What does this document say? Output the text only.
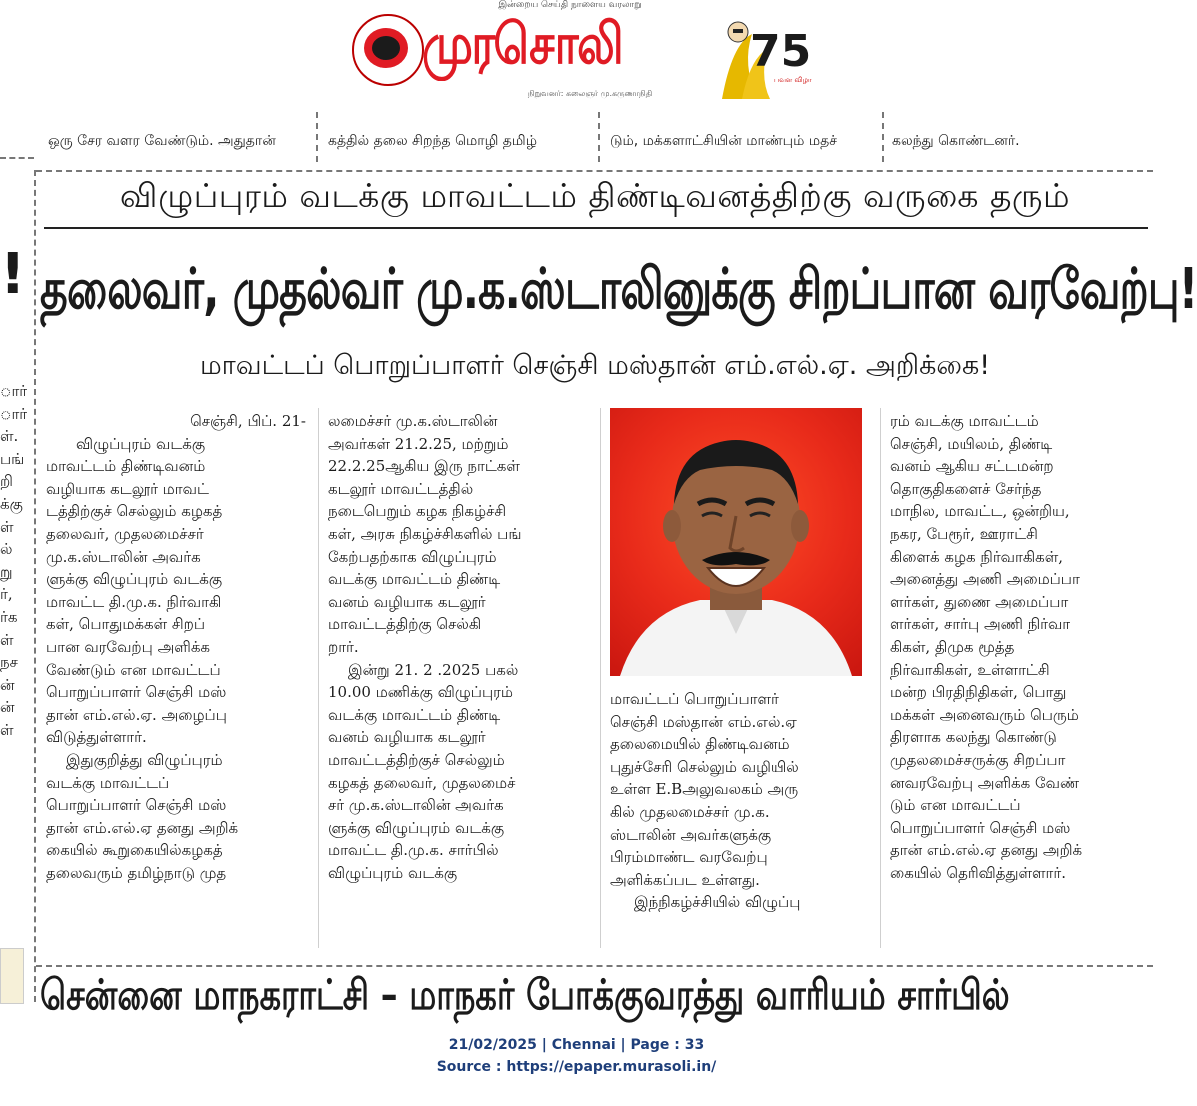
இன்றைய செய்தி நாளைய வரலாறு
முரசொலி
நிறுவனர்: கலைஞர் மு.கருணாநிதி
75
பவள விழா
ஒரு சேர வளர வேண்டும். அதுதான்	கத்தில் தலை சிறந்த மொழி தமிழ்	டும், மக்களாட்சியின் மாண்பும் மதச்	கலந்து கொண்டனர்.
!
ார்
ார்
ள்.
பங்
றி
க்கு
ள்
ல்
று
ர்,
ர்க
ள்
நச
ன்
ன்
ள்
விழுப்புரம் வடக்கு மாவட்டம் திண்டிவனத்திற்கு வருகை தரும்
தலைவர், முதல்வர் மு.க.ஸ்டாலினுக்கு சிறப்பான வரவேற்பு!
மாவட்டப் பொறுப்பாளர் செஞ்சி மஸ்தான் எம்.எல்.ஏ. அறிக்கை!
செஞ்சி, பிப். 21-
விழுப்புரம் வடக்கு
மாவட்டம் திண்டிவனம்
வழியாக கடலூர் மாவட்
டத்திற்குச் செல்லும் கழகத்
தலைவர், முதலமைச்சர்
மு.க.ஸ்டாலின் அவர்க
ளுக்கு விழுப்புரம் வடக்கு
மாவட்ட தி.மு.க. நிர்வாகி
கள், பொதுமக்கள் சிறப்
பான வரவேற்பு அளிக்க
வேண்டும் என மாவட்டப்
பொறுப்பாளர் செஞ்சி மஸ்
தான் எம்.எல்.ஏ. அழைப்பு
விடுத்துள்ளார்.
இதுகுறித்து விழுப்புரம்
வடக்கு மாவட்டப்
பொறுப்பாளர் செஞ்சி மஸ்
தான் எம்.எல்.ஏ தனது அறிக்
கையில் கூறுகையில்கழகத்
தலைவரும் தமிழ்நாடு முத
லமைச்சர் மு.க.ஸ்டாலின்
அவர்கள் 21.2.25, மற்றும்
22.2.25ஆகிய இரு நாட்கள்
கடலூர் மாவட்டத்தில்
நடைபெறும் கழக நிகழ்ச்சி
கள், அரசு நிகழ்ச்சிகளில் பங்
கேற்பதற்காக விழுப்புரம்
வடக்கு மாவட்டம் திண்டி
வனம் வழியாக கடலூர்
மாவட்டத்திற்கு செல்கி
றார்.
இன்று 21. 2 .2025 பகல்
10.00 மணிக்கு விழுப்புரம்
வடக்கு மாவட்டம் திண்டி
வனம் வழியாக கடலூர்
மாவட்டத்திற்குச் செல்லும்
கழகத் தலைவர், முதலமைச்
சர் மு.க.ஸ்டாலின் அவர்க
ளுக்கு விழுப்புரம் வடக்கு
மாவட்ட தி.மு.க. சார்பில்
விழுப்புரம் வடக்கு
மாவட்டப் பொறுப்பாளர்
செஞ்சி மஸ்தான் எம்.எல்.ஏ
தலைமையில் திண்டிவனம்
புதுச்சேரி செல்லும் வழியில்
உள்ள E.Bஅலுவலகம் அரு
கில் முதலமைச்சர் மு.க.
ஸ்டாலின் அவர்களுக்கு
பிரம்மாண்ட வரவேற்பு
அளிக்கப்பட உள்ளது.
இந்நிகழ்ச்சியில் விழுப்பு
ரம் வடக்கு மாவட்டம்
செஞ்சி, மயிலம், திண்டி
வனம் ஆகிய சட்டமன்ற
தொகுதிகளைச் சேர்ந்த
மாநில, மாவட்ட, ஒன்றிய,
நகர, பேரூர், ஊராட்சி
கிளைக் கழக நிர்வாகிகள்,
அனைத்து அணி அமைப்பா
ளர்கள், துணை அமைப்பா
ளர்கள், சார்பு அணி நிர்வா
கிகள், திமுக மூத்த
நிர்வாகிகள், உள்ளாட்சி
மன்ற பிரதிநிதிகள், பொது
மக்கள் அனைவரும் பெரும்
திரளாக கலந்து கொண்டு
முதலமைச்சருக்கு சிறப்பா
னவரவேற்பு அளிக்க வேண்
டும் என மாவட்டப்
பொறுப்பாளர் செஞ்சி மஸ்
தான் எம்.எல்.ஏ தனது அறிக்
கையில் தெரிவித்துள்ளார்.
சென்னை மாநகராட்சி – மாநகர் போக்குவரத்து வாரியம் சார்பில்
21/02/2025 | Chennai | Page : 33
Source : https://epaper.murasoli.in/
